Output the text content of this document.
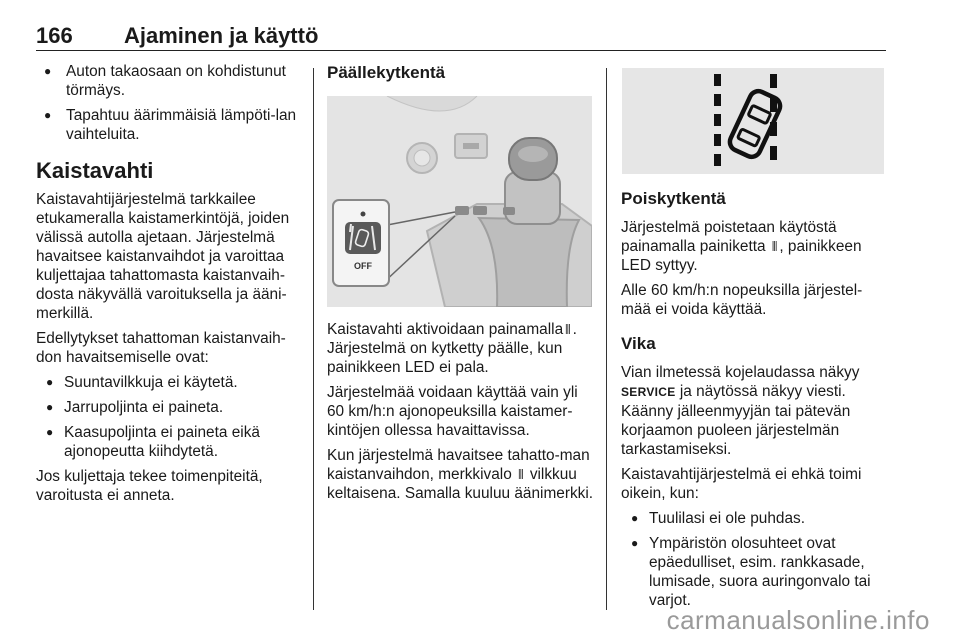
166 Ajaminen ja käyttö
● Auton takaosaan on kohdistunut törmäys.
● Tapahtuu äärimmäisiä lämpöti-lan vaihteluita.
Kaistavahti

Kaistavahtijärjestelmä tarkkailee etukameralla kaistamerkintöjä, joiden välissä autolla ajetaan. Järjestelmä havaitsee kaistanvaihdot ja varoittaa kuljettajaa tahattomasta kaistanvaih-dosta näkyvällä varoituksella ja ääni-merkillä.

Edellytykset tahattoman kaistanvaih-don havaitsemiselle ovat:

● Suuntavilkkuja ei käytetä.
● Jarrupoljinta ei paineta.
● Kaasupoljinta ei paineta eikä ajonopeutta kiihdytetä.

Jos kuljettaja tekee toimenpiteitä, varoitusta ei anneta.

Päällekytkentä
OFF

Kaistavahti aktivoidaan painamalla ⫴ . Järjestelmä on kytketty päälle, kun painikkeen LED ei pala.

Järjestelmää voidaan käyttää vain yli 60 km/h:n ajonopeuksilla kaistamer-kintöjen ollessa havaittavissa.

Kun järjestelmä havaitsee tahatto-man kaistanvaihdon, merkkivalo ⫴ vilkkuu keltaisena. Samalla kuuluu äänimerkki.

Poiskytkentä

Järjestelmä poistetaan käytöstä painamalla painiketta ⫴ , painikkeen LED syttyy.

Alle 60 km/h:n nopeuksilla järjestel-mää ei voida käyttää.

Vika

Vian ilmetessä kojelaudassa näkyy SERVICE ja näytössä näkyy viesti. Käänny jälleenmyyjän tai pätevän korjaamon puoleen järjestelmän tarkastamiseksi.

Kaistavahtijärjestelmä ei ehkä toimi oikein, kun:

● Tuulilasi ei ole puhdas.
● Ympäristön olosuhteet ovat epäedulliset, esim. rankkasade, lumisade, suora auringonvalo tai varjot.
carmanualsonline.info
